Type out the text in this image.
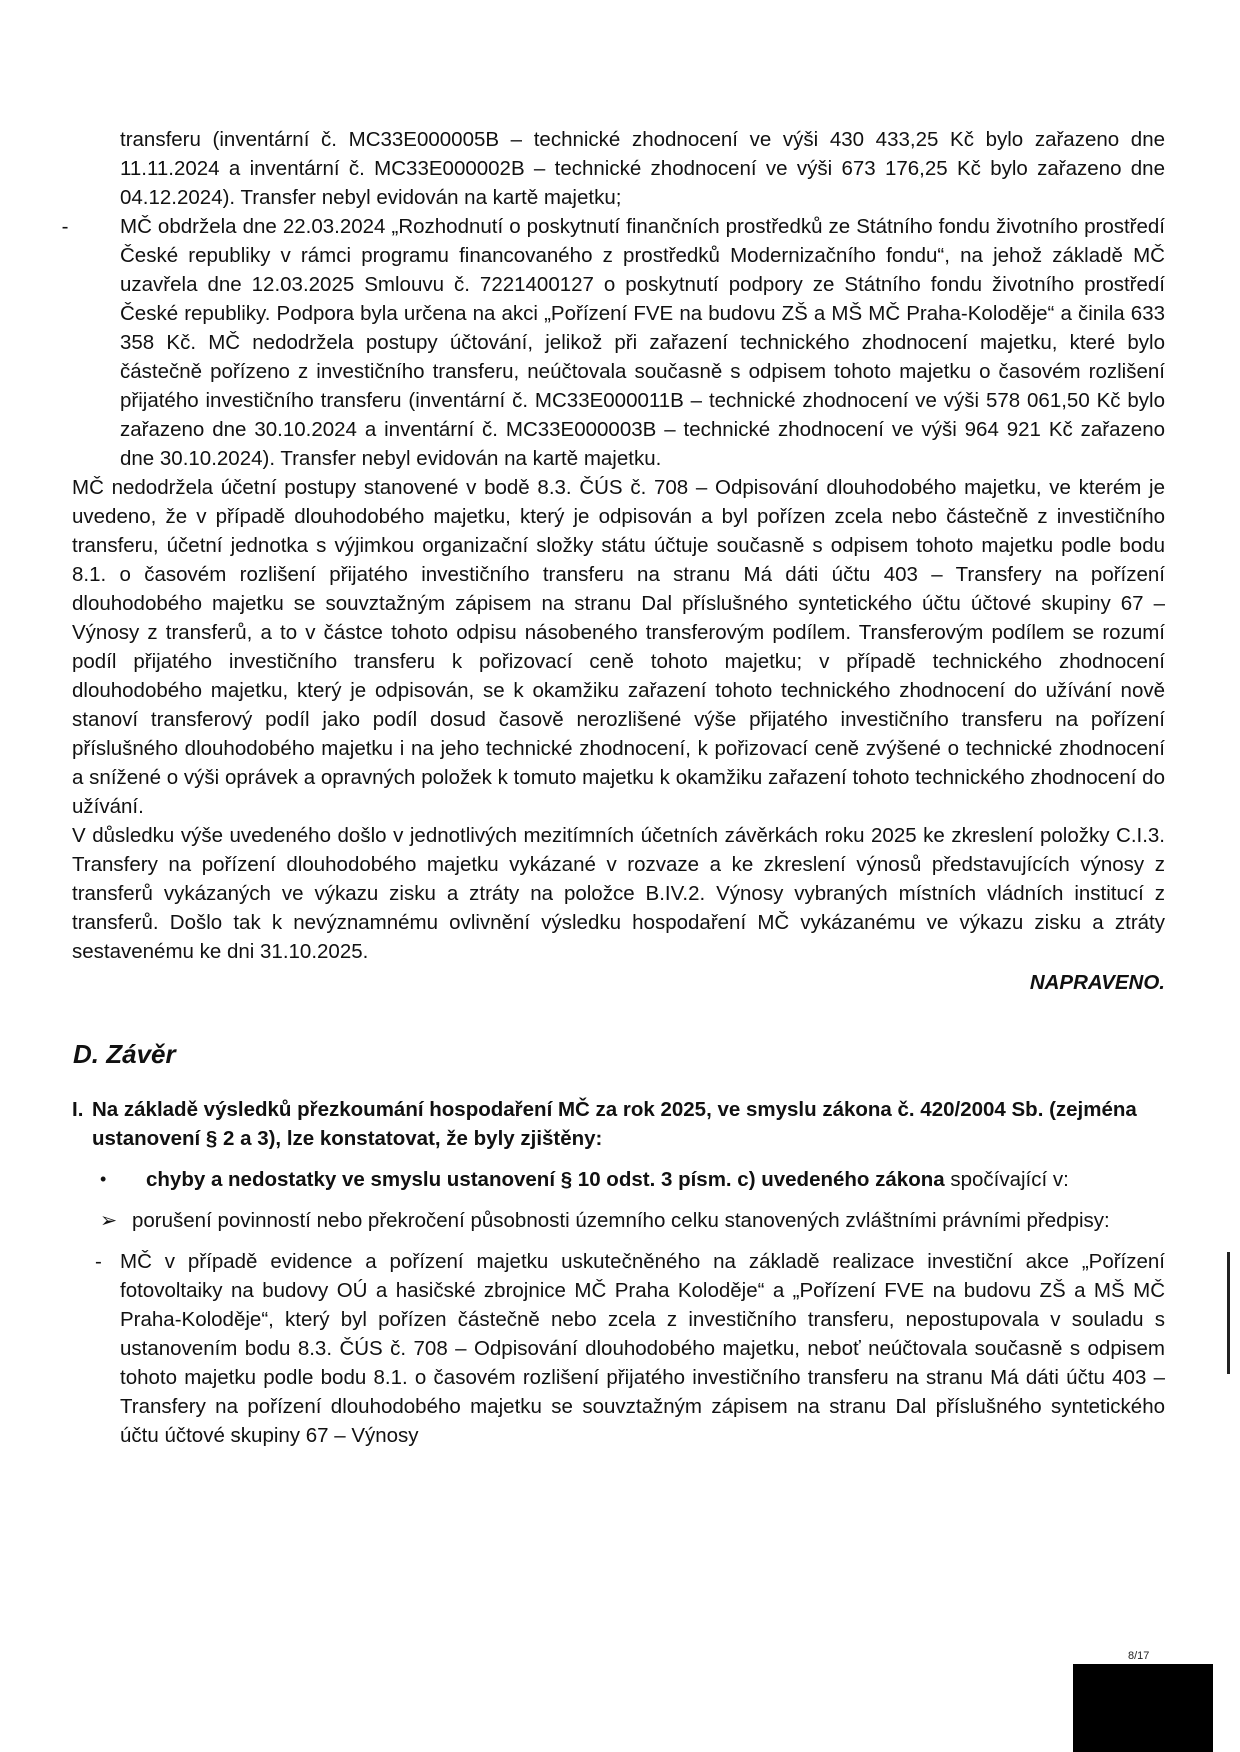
transferu (inventární č. MC33E000005B – technické zhodnocení ve výši 430 433,25 Kč bylo zařazeno dne 11.11.2024 a inventární č. MC33E000002B – technické zhodnocení ve výši 673 176,25 Kč bylo zařazeno dne 04.12.2024). Transfer nebyl evidován na kartě majetku;

-	MČ obdržela dne 22.03.2024 „Rozhodnutí o poskytnutí finančních prostředků ze Státního fondu životního prostředí České republiky v rámci programu financovaného z prostředků Modernizačního fondu“, na jehož základě MČ uzavřela dne 12.03.2025 Smlouvu č. 7221400127 o poskytnutí podpory ze Státního fondu životního prostředí České republiky. Podpora byla určena na akci „Pořízení FVE na budovu ZŠ a MŠ MČ Praha-Koloděje“ a činila 633 358 Kč. MČ nedodržela postupy účtování, jelikož při zařazení technického zhodnocení majetku, které bylo částečně pořízeno z investičního transferu, neúčtovala současně s odpisem tohoto majetku o časovém rozlišení přijatého investičního transferu (inventární č. MC33E000011B – technické zhodnocení ve výši 578 061,50 Kč bylo zařazeno dne 30.10.2024 a inventární č. MC33E000003B – technické zhodnocení ve výši 964 921 Kč zařazeno dne 30.10.2024). Transfer nebyl evidován na kartě majetku.

MČ nedodržela účetní postupy stanovené v bodě 8.3. ČÚS č. 708 – Odpisování dlouhodobého majetku, ve kterém je uvedeno, že v případě dlouhodobého majetku, který je odpisován a byl pořízen zcela nebo částečně z investičního transferu, účetní jednotka s výjimkou organizační složky státu účtuje současně s odpisem tohoto majetku podle bodu 8.1. o časovém rozlišení přijatého investičního transferu na stranu Má dáti účtu 403 – Transfery na pořízení dlouhodobého majetku se souvztažným zápisem na stranu Dal příslušného syntetického účtu účtové skupiny 67 – Výnosy z transferů, a to v částce tohoto odpisu násobeného transferovým podílem. Transferovým podílem se rozumí podíl přijatého investičního transferu k pořizovací ceně tohoto majetku; v případě technického zhodnocení dlouhodobého majetku, který je odpisován, se k okamžiku zařazení tohoto technického zhodnocení do užívání nově stanoví transferový podíl jako podíl dosud časově nerozlišené výše přijatého investičního transferu na pořízení příslušného dlouhodobého majetku i na jeho technické zhodnocení, k pořizovací ceně zvýšené o technické zhodnocení a snížené o výši oprávek a opravných položek k tomuto majetku k okamžiku zařazení tohoto technického zhodnocení do užívání.

V důsledku výše uvedeného došlo v jednotlivých mezitímních účetních závěrkách roku 2025 ke zkreslení položky C.I.3. Transfery na pořízení dlouhodobého majetku vykázané v rozvaze a ke zkreslení výnosů představujících výnosy z transferů vykázaných ve výkazu zisku a ztráty na položce B.IV.2. Výnosy vybraných místních vládních institucí z transferů. Došlo tak k nevýznamnému ovlivnění výsledku hospodaření MČ vykázanému ve výkazu zisku a ztráty sestavenému ke dni 31.10.2025.

NAPRAVENO.
D. Závěr
I. Na základě výsledků přezkoumání hospodaření MČ za rok 2025, ve smyslu zákona č. 420/2004 Sb. (zejména ustanovení § 2 a 3), lze konstatovat, že byly zjištěny:
•	chyby a nedostatky ve smyslu ustanovení § 10 odst. 3 písm. c) uvedeného zákona spočívající v:
➢ porušení povinností nebo překročení působnosti územního celku stanovených zvláštními právními předpisy:
- MČ v případě evidence a pořízení majetku uskutečněného na základě realizace investiční akce „Pořízení fotovoltaiky na budovy OÚ a hasičské zbrojnice MČ Praha Koloděje“ a „Pořízení FVE na budovu ZŠ a MŠ MČ Praha-Koloděje“, který byl pořízen částečně nebo zcela z investičního transferu, nepostupovala v souladu s ustanovením bodu 8.3. ČÚS č. 708 – Odpisování dlouhodobého majetku, neboť neúčtovala současně s odpisem tohoto majetku podle bodu 8.1. o časovém rozlišení přijatého investičního transferu na stranu Má dáti účtu 403 – Transfery na pořízení dlouhodobého majetku se souvztažným zápisem na stranu Dal příslušného syntetického účtu účtové skupiny 67 – Výnosy
8/17
